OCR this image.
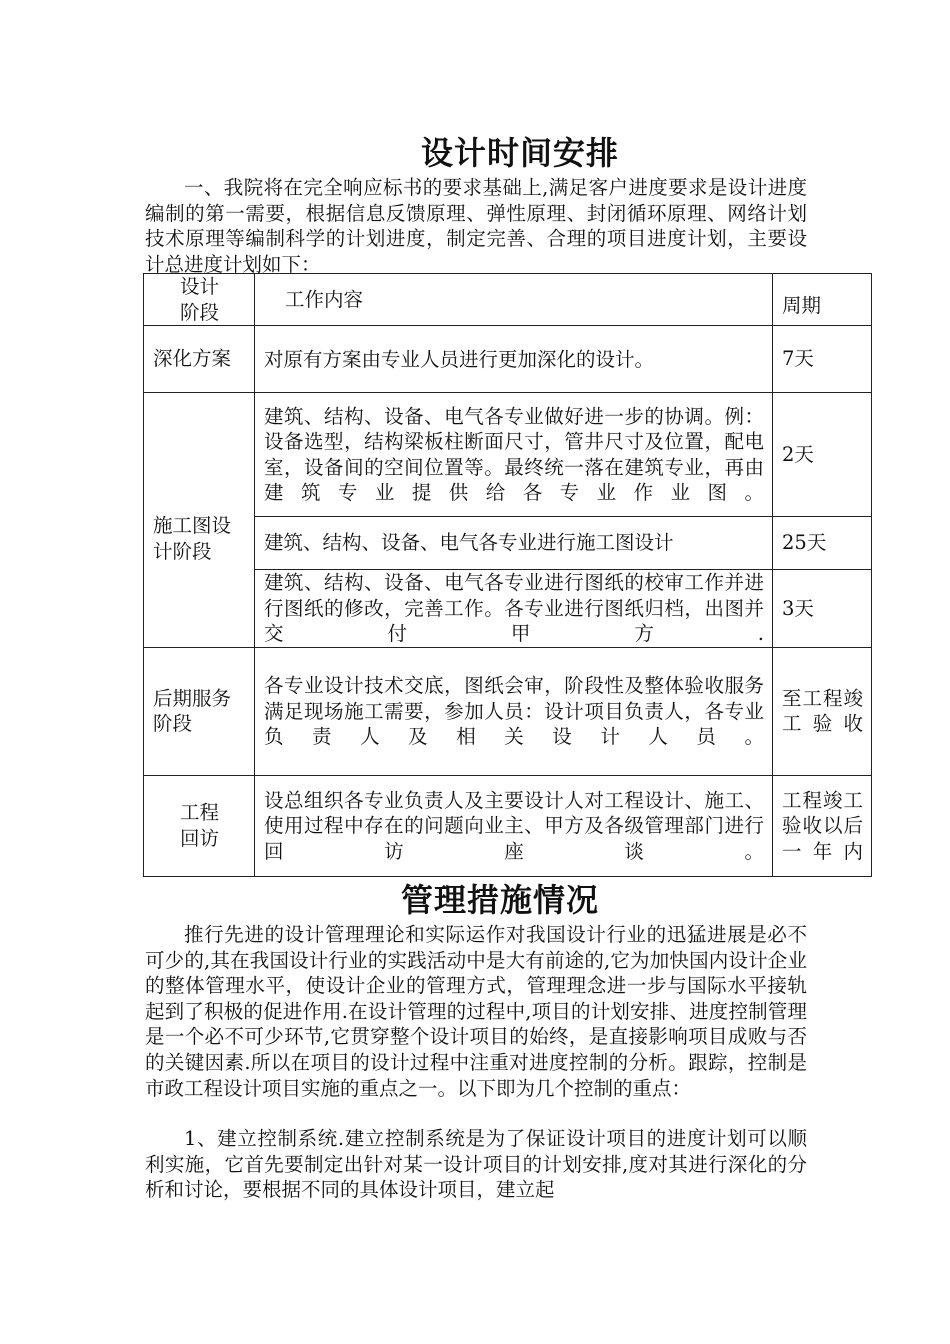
设计时间安排

一、我院将在完全响应标书的要求基础上,满足客户进度要求是设计进度编制的第一需要，根据信息反馈原理、弹性原理、封闭循环原理、网络计划技术原理等编制科学的计划进度，制定完善、合理的项目进度计划，主要设计总进度计划如下：

设计
阶段	工作内容	周期
深化方案	对原有方案由专业人员进行更加深化的设计。	7天
施工图设计阶段	建筑、结构、设备、电气各专业做好进一步的协调。例：设备选型，结构梁板柱断面尺寸，管井尺寸及位置，配电室，设备间的空间位置等。最终统一落在建筑专业，再由建筑专业提供给各专业作业图。	2天
	建筑、结构、设备、电气各专业进行施工图设计	25天
	建筑、结构、设备、电气各专业进行图纸的校审工作并进行图纸的修改，完善工作。各专业进行图纸归档，出图并交付甲方.	3天
后期服务阶段	各专业设计技术交底，图纸会审，阶段性及整体验收服务满足现场施工需要，参加人员：设计项目负责人，各专业负责人及相关设计人员。	至工程竣工验收

工程
回访	设总组织各专业负责人及主要设计人对工程设计、施工、使用过程中存在的问题向业主、甲方及各级管理部门进行回访座谈。	工程竣工验收以后一年内
管理措施情况

推行先进的设计管理理论和实际运作对我国设计行业的迅猛进展是必不可少的,其在我国设计行业的实践活动中是大有前途的,它为加快国内设计企业的整体管理水平，使设计企业的管理方式，管理理念进一步与国际水平接轨起到了积极的促进作用.在设计管理的过程中,项目的计划安排、进度控制管理是一个必不可少环节,它贯穿整个设计项目的始终，是直接影响项目成败与否的关键因素.所以在项目的设计过程中注重对进度控制的分析。跟踪，控制是市政工程设计项目实施的重点之一。以下即为几个控制的重点：

1、建立控制系统.建立控制系统是为了保证设计项目的进度计划可以顺利实施，它首先要制定出针对某一设计项目的计划安排,度对其进行深化的分析和讨论，要根据不同的具体设计项目，建立起
